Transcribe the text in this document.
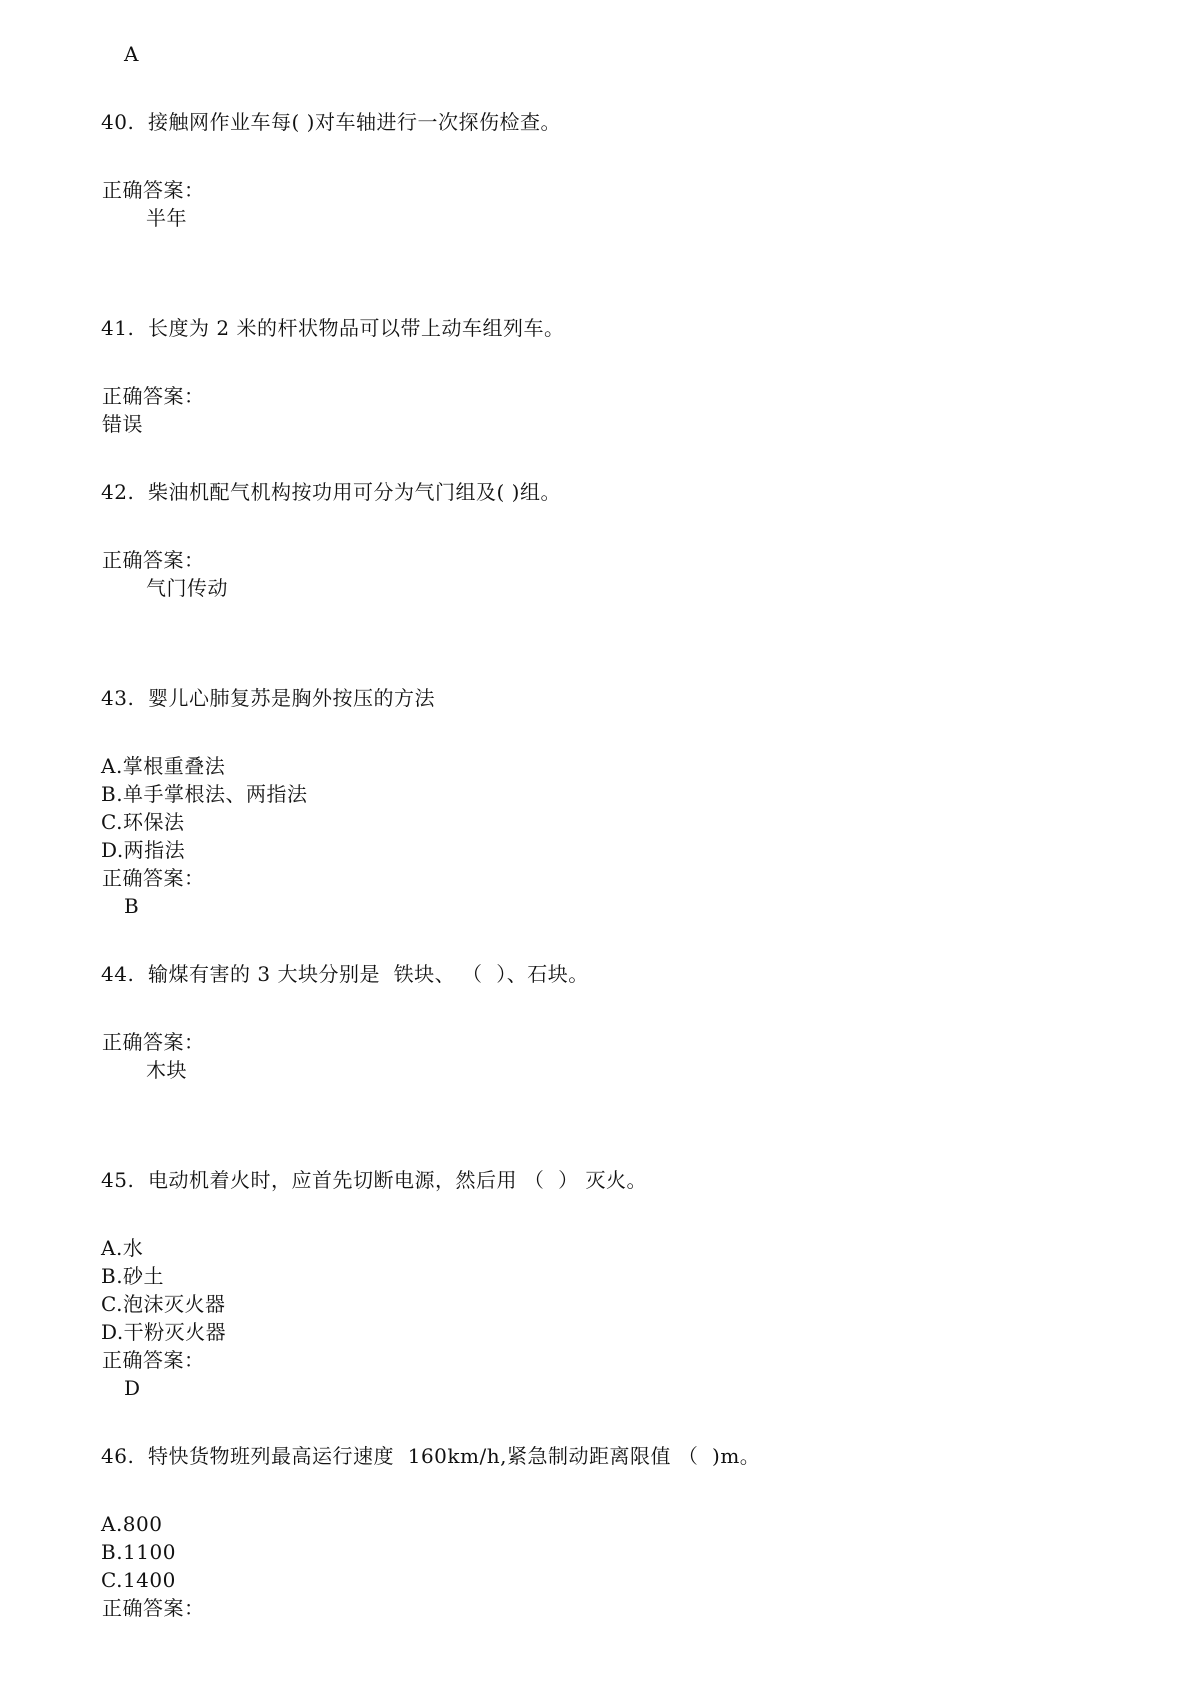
A
40.  接触网作业车每( )对车轴进行一次探伤检查。
正确答案：
半年
41.  长度为 2 米的杆状物品可以带上动车组列车。
正确答案：
错误
42.  柴油机配气机构按功用可分为气门组及( )组。
正确答案：
气门传动
43.  婴儿心肺复苏是胸外按压的方法
A.掌根重叠法
B.单手掌根法、两指法
C.环保法
D.两指法
正确答案：
B
44.  输煤有害的 3 大块分别是  铁块、 （  ）、石块。
正确答案：
木块
45.  电动机着火时，应首先切断电源，然后用 （  ） 灭火。
A.水
B.砂土
C.泡沫灭火器
D.干粉灭火器
正确答案：
D
46.  特快货物班列最高运行速度  160km/h,紧急制动距离限值 （  )m。
A.800
B.1100
C.1400
正确答案：
